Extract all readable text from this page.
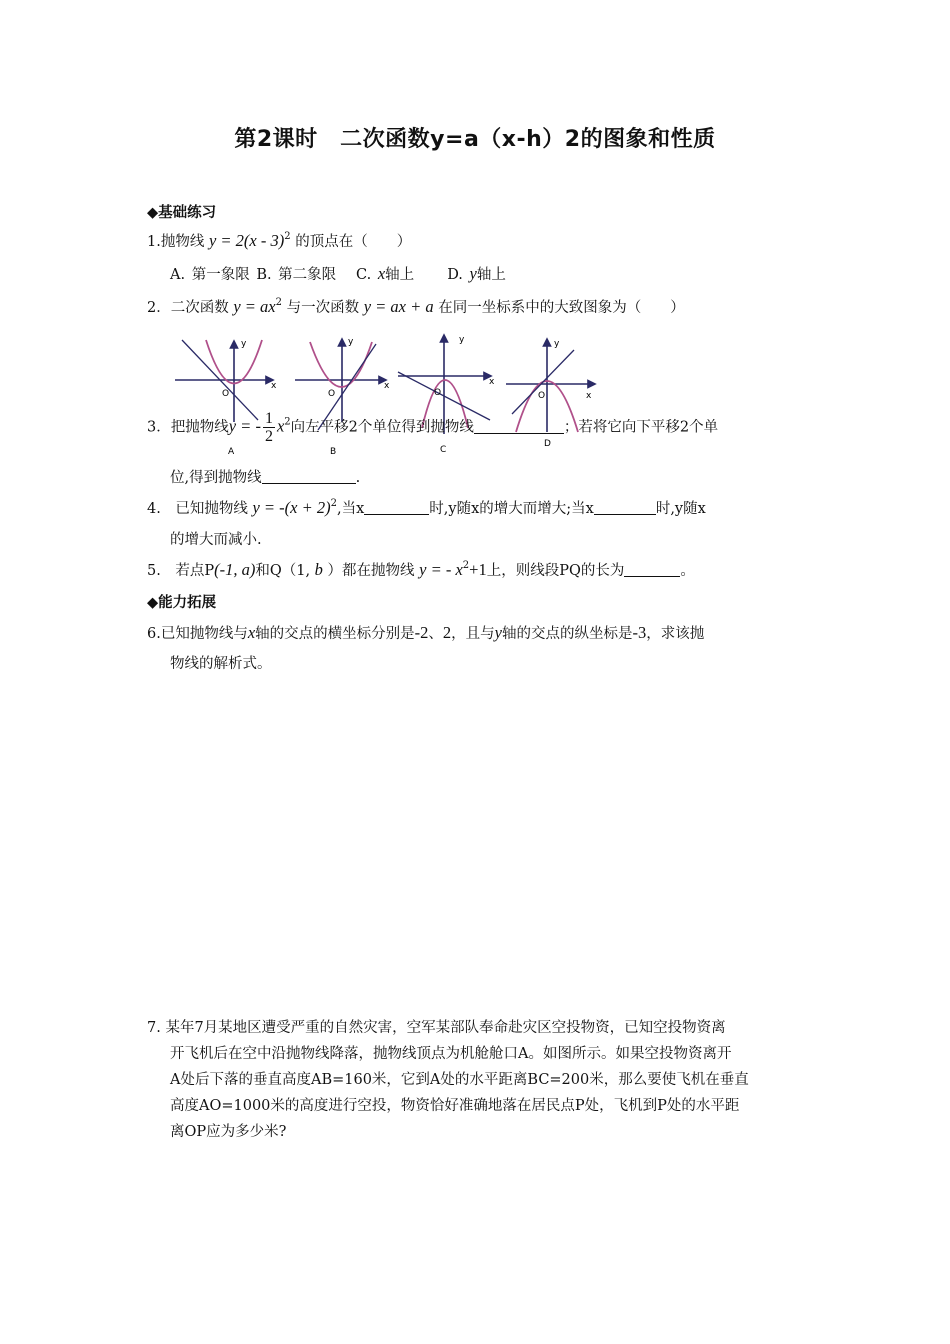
第2课时　二次函数y=a（x-h）2的图象和性质
◆基础练习
1.抛物线 y = 2(x - 3)$^2$ 的顶点在（　　）
A. 第一象限 B. 第二象限 C. x轴上 D. y轴上
2．二次函数 $y = ax^2$ 与一次函数 y = ax + a 在同一坐标系中的大致图象为（　　）
y
x
O
A
y
x
O
B
y
x
O
C
y
x
O
D
3．把抛物线y = - $\frac{1}{2} x^2$向左平移2个单位得到抛物线	；若将它向下平移2个单
位,得到抛物线	.
4.　已知抛物线 $y = -(x + 2)^2$,当x	时,y随x的增大而增大;当x	时,y随x
的增大而减小.
5.　若点P(-1, a)和Q（1, b ）都在抛物线 y = - $x^2+1$上，则线段PQ的长为	。
◆能力拓展
6.已知抛物线与x轴的交点的横坐标分别是-2、2，且与y轴的交点的纵坐标是-3，求该抛
物线的解析式。
7. 某年7月某地区遭受严重的自然灾害，空军某部队奉命赴灾区空投物资，已知空投物资离
开飞机后在空中沿抛物线降落，抛物线顶点为机舱舱口A。如图所示。如果空投物资离开
A处后下落的垂直高度AB=160米，它到A处的水平距离BC=200米，那么要使飞机在垂直
高度AO=1000米的高度进行空投，物资恰好准确地落在居民点P处，飞机到P处的水平距
离OP应为多少米?
